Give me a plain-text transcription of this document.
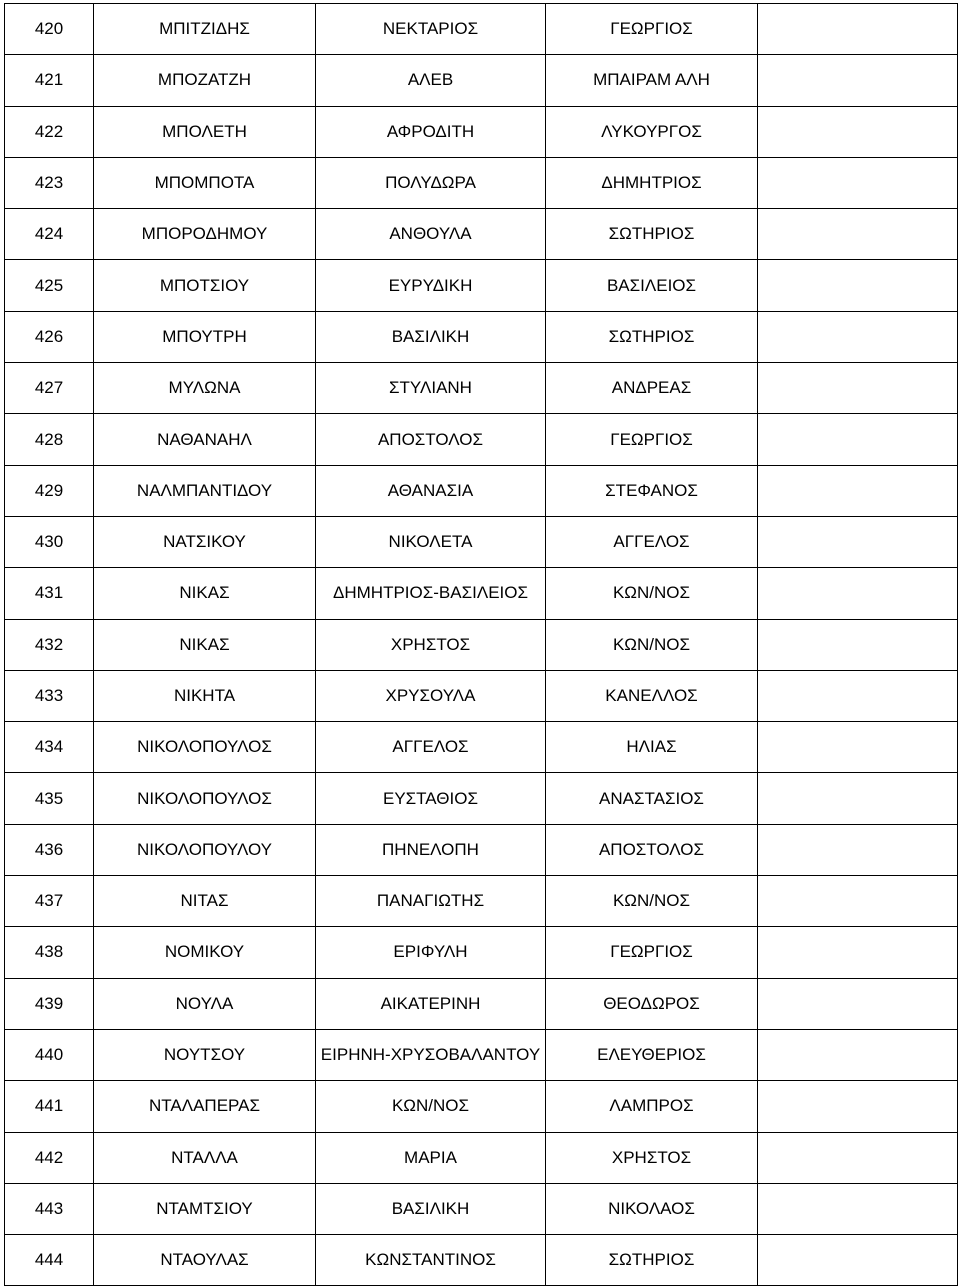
420	ΜΠΙΤΖΙΔΗΣ	ΝΕΚΤΑΡΙΟΣ	ΓΕΩΡΓΙΟΣ	
421	ΜΠΟΖΑΤΖΗ	ΑΛΕΒ	ΜΠΑΙΡΑΜ ΑΛΗ	
422	ΜΠΟΛΕΤΗ	ΑΦΡΟΔΙΤΗ	ΛΥΚΟΥΡΓΟΣ	
423	ΜΠΟΜΠΟΤΑ	ΠΟΛΥΔΩΡΑ	ΔΗΜΗΤΡΙΟΣ	
424	ΜΠΟΡΟΔΗΜΟΥ	ΑΝΘΟΥΛΑ	ΣΩΤΗΡΙΟΣ	
425	ΜΠΟΤΣΙΟΥ	ΕΥΡΥΔΙΚΗ	ΒΑΣΙΛΕΙΟΣ	
426	ΜΠΟΥΤΡΗ	ΒΑΣΙΛΙΚΗ	ΣΩΤΗΡΙΟΣ	
427	ΜΥΛΩΝΑ	ΣΤΥΛΙΑΝΗ	ΑΝΔΡΕΑΣ	
428	ΝΑΘΑΝΑΗΛ	ΑΠΟΣΤΟΛΟΣ	ΓΕΩΡΓΙΟΣ	
429	ΝΑΛΜΠΑΝΤΙΔΟΥ	ΑΘΑΝΑΣΙΑ	ΣΤΕΦΑΝΟΣ	
430	ΝΑΤΣΙΚΟΥ	ΝΙΚΟΛΕΤΑ	ΑΓΓΕΛΟΣ	
431	ΝΙΚΑΣ	ΔΗΜΗΤΡΙΟΣ-ΒΑΣΙΛΕΙΟΣ	ΚΩΝ/ΝΟΣ	
432	ΝΙΚΑΣ	ΧΡΗΣΤΟΣ	ΚΩΝ/ΝΟΣ	
433	ΝΙΚΗΤΑ	ΧΡΥΣΟΥΛΑ	ΚΑΝΕΛΛΟΣ	
434	ΝΙΚΟΛΟΠΟΥΛΟΣ	ΑΓΓΕΛΟΣ	ΗΛΙΑΣ	
435	ΝΙΚΟΛΟΠΟΥΛΟΣ	ΕΥΣΤΑΘΙΟΣ	ΑΝΑΣΤΑΣΙΟΣ	
436	ΝΙΚΟΛΟΠΟΥΛΟΥ	ΠΗΝΕΛΟΠΗ	ΑΠΟΣΤΟΛΟΣ	
437	ΝΙΤΑΣ	ΠΑΝΑΓΙΩΤΗΣ	ΚΩΝ/ΝΟΣ	
438	ΝΟΜΙΚΟΥ	ΕΡΙΦΥΛΗ	ΓΕΩΡΓΙΟΣ	
439	ΝΟΥΛΑ	ΑΙΚΑΤΕΡΙΝΗ	ΘΕΟΔΩΡΟΣ	
440	ΝΟΥΤΣΟΥ	ΕΙΡΗΝΗ-ΧΡΥΣΟΒΑΛΑΝΤΟΥ	ΕΛΕΥΘΕΡΙΟΣ	
441	ΝΤΑΛΑΠΕΡΑΣ	ΚΩΝ/ΝΟΣ	ΛΑΜΠΡΟΣ	
442	ΝΤΑΛΛΑ	ΜΑΡΙΑ	ΧΡΗΣΤΟΣ	
443	ΝΤΑΜΤΣΙΟΥ	ΒΑΣΙΛΙΚΗ	ΝΙΚΟΛΑΟΣ	
444	ΝΤΑΟΥΛΑΣ	ΚΩΝΣΤΑΝΤΙΝΟΣ	ΣΩΤΗΡΙΟΣ	
